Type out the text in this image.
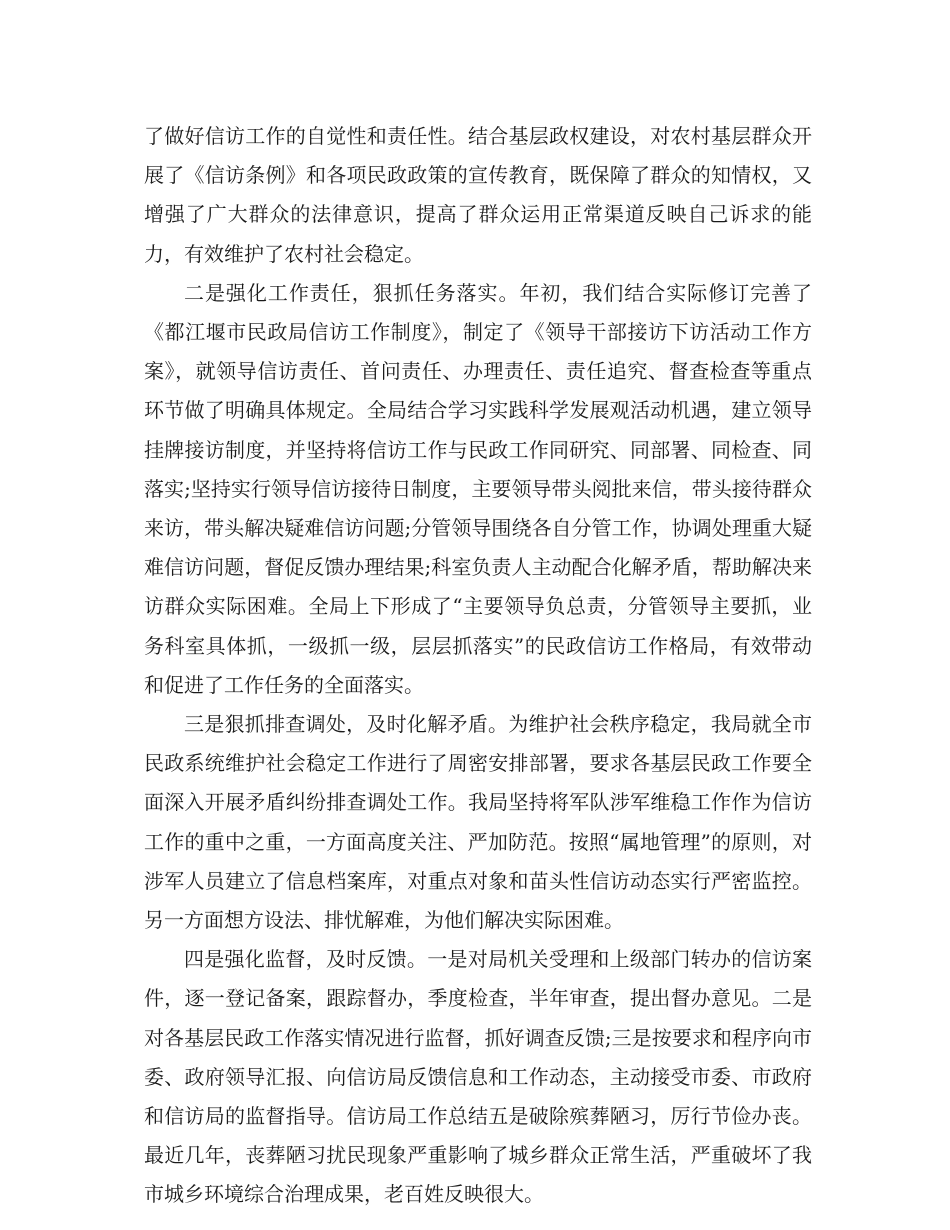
了做好信访工作的自觉性和责任性。结合基层政权建设，对农村基层群众开展了《信访条例》和各项民政政策的宣传教育，既保障了群众的知情权，又增强了广大群众的法律意识，提高了群众运用正常渠道反映自己诉求的能力，有效维护了农村社会稳定。

二是强化工作责任，狠抓任务落实。年初，我们结合实际修订完善了《都江堰市民政局信访工作制度》，制定了《领导干部接访下访活动工作方案》，就领导信访责任、首问责任、办理责任、责任追究、督查检查等重点环节做了明确具体规定。全局结合学习实践科学发展观活动机遇，建立领导挂牌接访制度，并坚持将信访工作与民政工作同研究、同部署、同检查、同落实;坚持实行领导信访接待日制度，主要领导带头阅批来信，带头接待群众来访，带头解决疑难信访问题;分管领导围绕各自分管工作，协调处理重大疑难信访问题，督促反馈办理结果;科室负责人主动配合化解矛盾，帮助解决来访群众实际困难。全局上下形成了“主要领导负总责，分管领导主要抓，业务科室具体抓，一级抓一级，层层抓落实”的民政信访工作格局，有效带动和促进了工作任务的全面落实。

三是狠抓排查调处，及时化解矛盾。为维护社会秩序稳定，我局就全市民政系统维护社会稳定工作进行了周密安排部署，要求各基层民政工作要全面深入开展矛盾纠纷排查调处工作。我局坚持将军队涉军维稳工作作为信访工作的重中之重，一方面高度关注、严加防范。按照“属地管理”的原则，对涉军人员建立了信息档案库，对重点对象和苗头性信访动态实行严密监控。另一方面想方设法、排忧解难，为他们解决实际困难。

四是强化监督，及时反馈。一是对局机关受理和上级部门转办的信访案件，逐一登记备案，跟踪督办，季度检查，半年审查，提出督办意见。二是对各基层民政工作落实情况进行监督，抓好调查反馈;三是按要求和程序向市委、政府领导汇报、向信访局反馈信息和工作动态，主动接受市委、市政府和信访局的监督指导。信访局工作总结五是破除殡葬陋习，厉行节俭办丧。最近几年，丧葬陋习扰民现象严重影响了城乡群众正常生活，严重破坏了我市城乡环境综合治理成果，老百姓反映很大。
